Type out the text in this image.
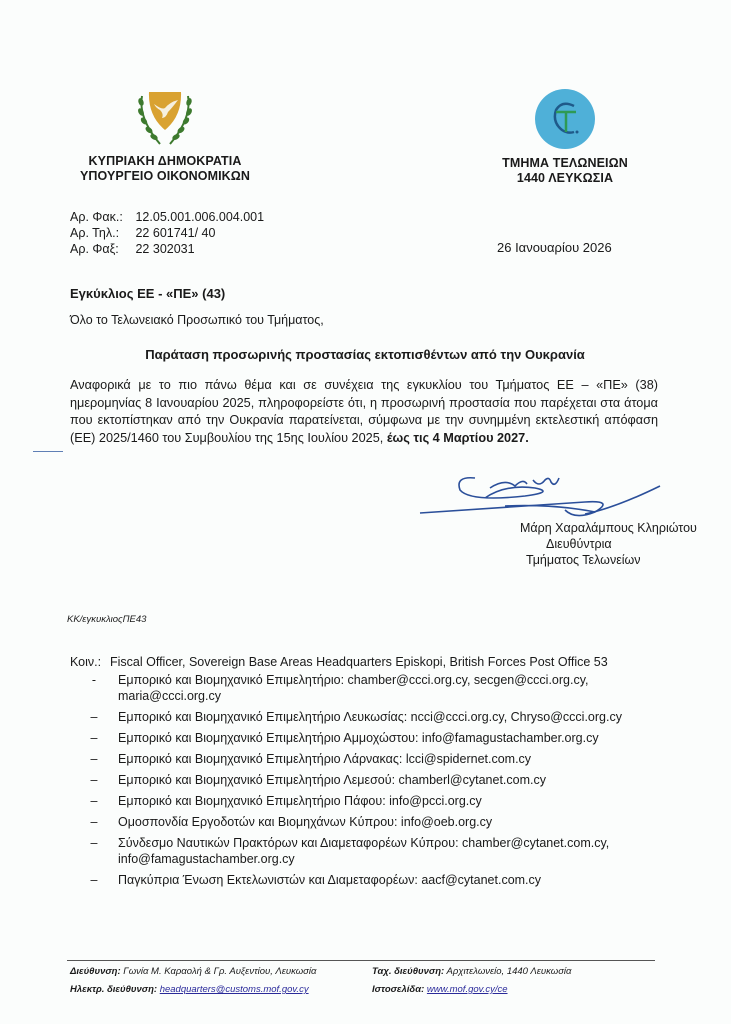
ΚΥΠΡΙΑΚΗ ΔΗΜΟΚΡΑΤΙΑ
ΥΠΟΥΡΓΕΙΟ ΟΙΚΟΝΟΜΙΚΩΝ
ΤΜΗΜΑ ΤΕΛΩΝΕΙΩΝ
1440 ΛΕΥΚΩΣΙΑ
Αρ. Φακ.: 12.05.001.006.004.001
Αρ. Τηλ.: 22 601741/ 40
Αρ. Φαξ: 22 302031	26 Ιανουαρίου 2026
Εγκύκλιος ΕΕ - «ΠΕ» (43)
Όλο το Τελωνειακό Προσωπικό του Τμήματος,
Παράταση προσωρινής προστασίας εκτοπισθέντων από την Ουκρανία
Αναφορικά με το πιο πάνω θέμα και σε συνέχεια της εγκυκλίου του Τμήματος ΕΕ – «ΠΕ» (38) ημερομηνίας 8 Ιανουαρίου 2025, πληροφορείστε ότι, η προσωρινή προστασία που παρέχεται στα άτομα που εκτοπίστηκαν από την Ουκρανία παρατείνεται, σύμφωνα με την συνημμένη εκτελεστική απόφαση (ΕΕ) 2025/1460 του Συμβουλίου της 15ης Ιουλίου 2025, έως τις 4 Μαρτίου 2027.
Μάρη Χαραλάμπους Κληριώτου
Διευθύντρια
Τμήματος Τελωνείων
ΚΚ/εγκυκλιοςΠΕ43
Κοιν.: Fiscal Officer, Sovereign Base Areas Headquarters Episkopi, British Forces Post Office 53
-	Εμπορικό και Βιομηχανικό Επιμελητήριο: chamber@ccci.org.cy, secgen@ccci.org.cy, maria@ccci.org.cy
–	Εμπορικό και Βιομηχανικό Επιμελητήριο Λευκωσίας: ncci@ccci.org.cy, Chryso@ccci.org.cy
–	Εμπορικό και Βιομηχανικό Επιμελητήριο Αμμοχώστου: info@famagustachamber.org.cy
–	Εμπορικό και Βιομηχανικό Επιμελητήριο Λάρνακας: lcci@spidernet.com.cy
–	Εμπορικό και Βιομηχανικό Επιμελητήριο Λεμεσού: chamberl@cytanet.com.cy
–	Εμπορικό και Βιομηχανικό Επιμελητήριο Πάφου: info@pcci.org.cy
–	Ομοσπονδία Εργοδοτών και Βιομηχάνων Κύπρου: info@oeb.org.cy
–	Σύνδεσμο Ναυτικών Πρακτόρων και Διαμεταφορέων Κύπρου: chamber@cytanet.com.cy, info@famagustachamber.org.cy
–	Παγκύπρια Ένωση Εκτελωνιστών και Διαμεταφορέων: aacf@cytanet.com.cy
Διεύθυνση: Γωνία Μ. Καραολή & Γρ. Αυξεντίου, Λευκωσία
Ηλεκτρ. διεύθυνση: headquarters@customs.mof.gov.cy
Ταχ. διεύθυνση: Αρχιτελωνείο, 1440 Λευκωσία
Ιστοσελίδα: www.mof.gov.cy/ce
